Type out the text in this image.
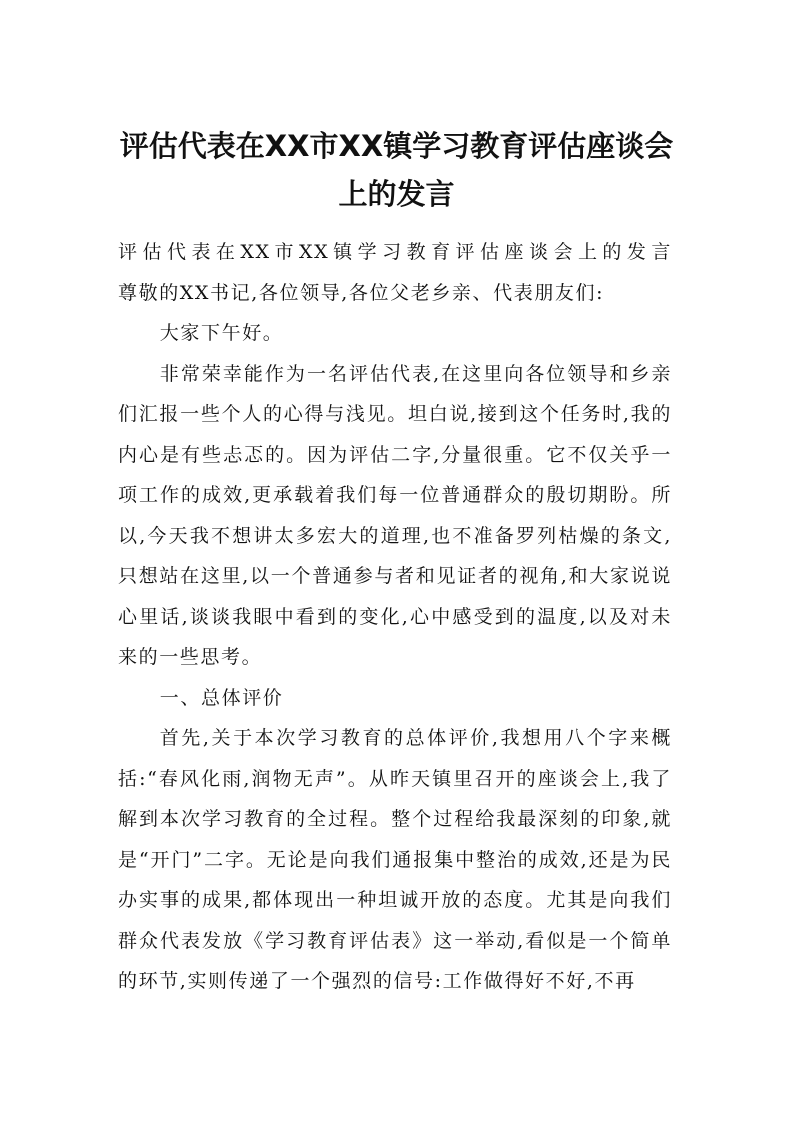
评估代表在XX市XX镇学习教育评估座谈会
上的发言

评估代表在XX市XX镇学习教育评估座谈会上的发言

尊敬的XX书记,各位领导,各位父老乡亲、代表朋友们:

大家下午好。

非常荣幸能作为一名评估代表,在这里向各位领导和乡亲们汇报一些个人的心得与浅见。坦白说,接到这个任务时,我的内心是有些忐忑的。因为评估二字,分量很重。它不仅关乎一项工作的成效,更承载着我们每一位普通群众的殷切期盼。所以,今天我不想讲太多宏大的道理,也不准备罗列枯燥的条文,只想站在这里,以一个普通参与者和见证者的视角,和大家说说心里话,谈谈我眼中看到的变化,心中感受到的温度,以及对未来的一些思考。

一、总体评价

首先,关于本次学习教育的总体评价,我想用八个字来概括:“春风化雨,润物无声”。从昨天镇里召开的座谈会上,我了解到本次学习教育的全过程。整个过程给我最深刻的印象,就是“开门”二字。无论是向我们通报集中整治的成效,还是为民办实事的成果,都体现出一种坦诚开放的态度。尤其是向我们群众代表发放《学习教育评估表》这一举动,看似是一个简单的环节,实则传递了一个强烈的信号:工作做得好不好,不再
